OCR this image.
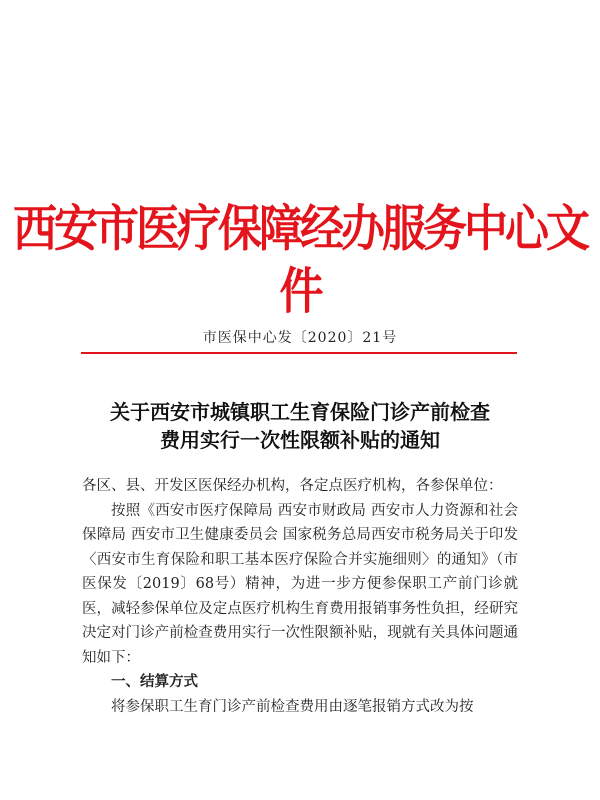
西安市医疗保障经办服务中心文件
市医保中心发〔2020〕21号
关于西安市城镇职工生育保险门诊产前检查
费用实行一次性限额补贴的通知

各区、县、开发区医保经办机构，各定点医疗机构，各参保单位：

按照《西安市医疗保障局 西安市财政局 西安市人力资源和社会保障局 西安市卫生健康委员会 国家税务总局西安市税务局关于印发〈西安市生育保险和职工基本医疗保险合并实施细则〉的通知》（市医保发〔2019〕68号）精神，为进一步方便参保职工产前门诊就医，减轻参保单位及定点医疗机构生育费用报销事务性负担，经研究决定对门诊产前检查费用实行一次性限额补贴，现就有关具体问题通知如下：

一、结算方式

将参保职工生育门诊产前检查费用由逐笔报销方式改为按
